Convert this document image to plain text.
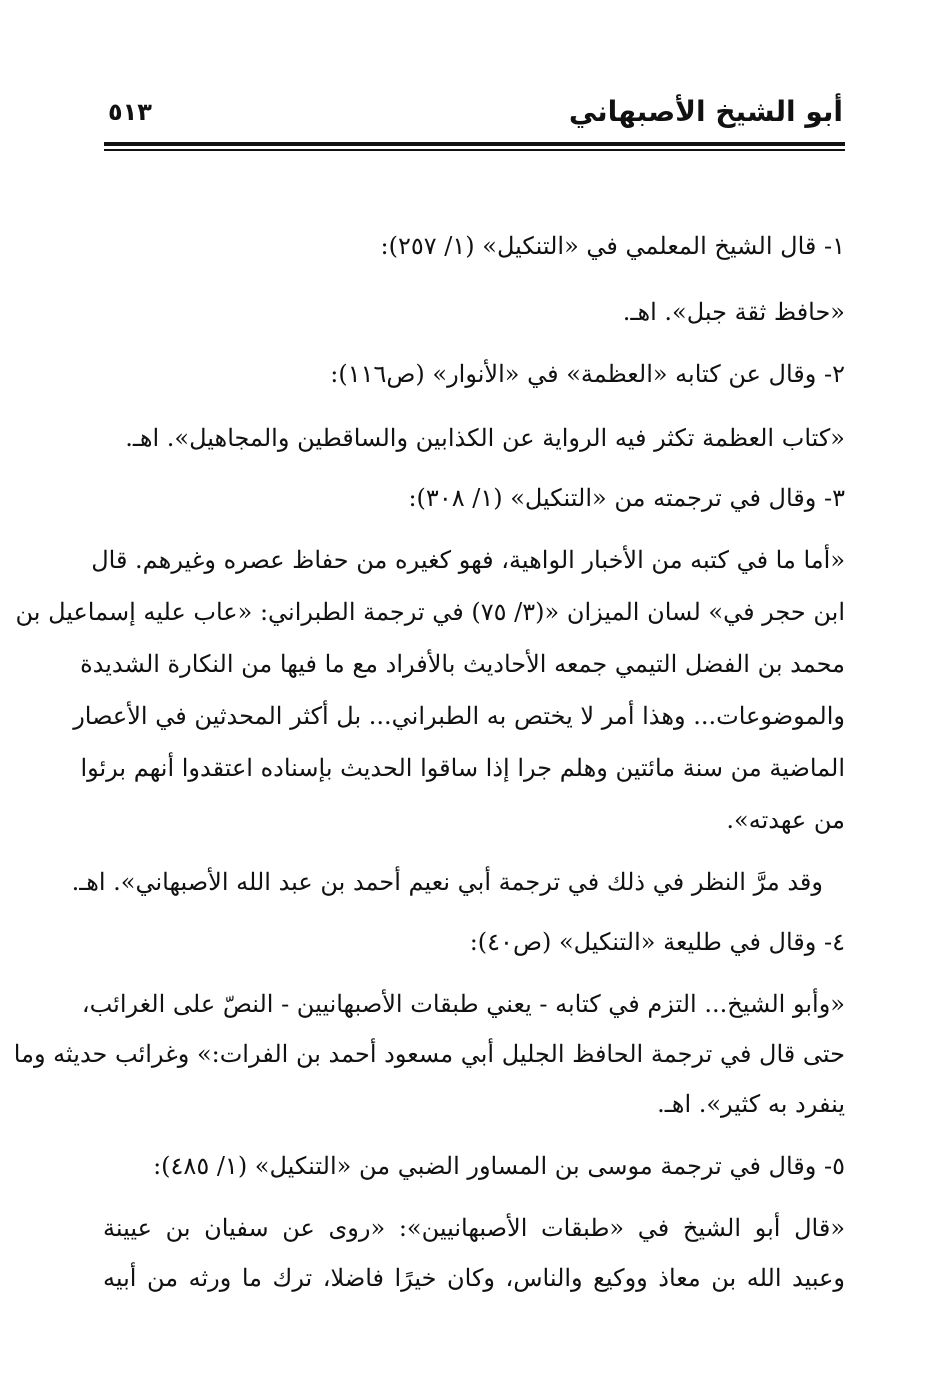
أبو الشيخ الأصبهاني
٥١٣
١- قال الشيخ المعلمي في «التنكيل» (١/ ٢٥٧):
«حافظ ثقة جبل». اهـ.
٢- وقال عن كتابه «العظمة» في «الأنوار» (ص١١٦):
«كتاب العظمة تكثر فيه الرواية عن الكذابين والساقطين والمجاهيل». اهـ.
٣- وقال في ترجمته من «التنكيل» (١/ ٣٠٨):
«أما ما في كتبه من الأخبار الواهية، فهو كغيره من حفاظ عصره وغيرهم. قال
ابن حجر في» لسان الميزان «(٣/ ٧٥) في ترجمة الطبراني: «عاب عليه إسماعيل بن
محمد بن الفضل التيمي جمعه الأحاديث بالأفراد مع ما فيها من النكارة الشديدة
والموضوعات... وهذا أمر لا يختص به الطبراني... بل أكثر المحدثين في الأعصار
الماضية من سنة مائتين وهلم جرا إذا ساقوا الحديث بإسناده اعتقدوا أنهم برئوا
من عهدته».
وقد مرَّ النظر في ذلك في ترجمة أبي نعيم أحمد بن عبد الله الأصبهاني». اهـ.
٤- وقال في طليعة «التنكيل» (ص٤٠):
«وأبو الشيخ... التزم في كتابه - يعني طبقات الأصبهانيين - النصّ على الغرائب،
حتى قال في ترجمة الحافظ الجليل أبي مسعود أحمد بن الفرات:» وغرائب حديثه وما
ينفرد به كثير». اهـ.
٥- وقال في ترجمة موسى بن المساور الضبي من «التنكيل» (١/ ٤٨٥):
«قال أبو الشيخ في «طبقات الأصبهانيين»: «روى عن سفيان بن عيينة
وعبيد الله بن معاذ ووكيع والناس، وكان خيرًا فاضلا، ترك ما ورثه من أبيه
